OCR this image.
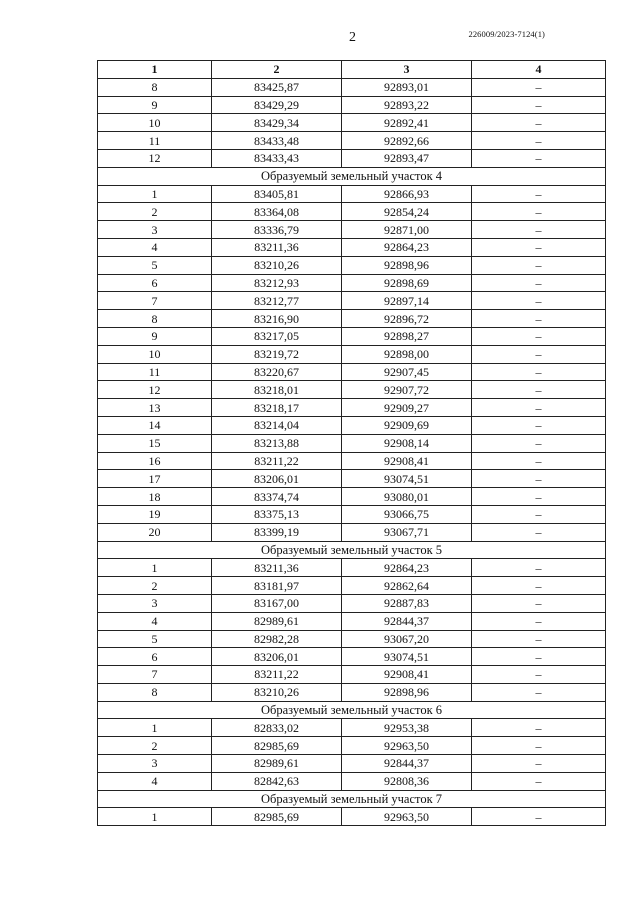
2	226009/2023-7124(1)
1	2	3	4
8	83425,87	92893,01	–
9	83429,29	92893,22	–
10	83429,34	92892,41	–
11	83433,48	92892,66	–
12	83433,43	92893,47	–
Образуемый земельный участок 4			
1	83405,81	92866,93	–
2	83364,08	92854,24	–
3	83336,79	92871,00	–
4	83211,36	92864,23	–
5	83210,26	92898,96	–
6	83212,93	92898,69	–
7	83212,77	92897,14	–
8	83216,90	92896,72	–
9	83217,05	92898,27	–
10	83219,72	92898,00	–
11	83220,67	92907,45	–
12	83218,01	92907,72	–
13	83218,17	92909,27	–
14	83214,04	92909,69	–
15	83213,88	92908,14	–
16	83211,22	92908,41	–
17	83206,01	93074,51	–
18	83374,74	93080,01	–
19	83375,13	93066,75	–
20	83399,19	93067,71	–
Образуемый земельный участок 5			
1	83211,36	92864,23	–
2	83181,97	92862,64	–
3	83167,00	92887,83	–
4	82989,61	92844,37	–
5	82982,28	93067,20	–
6	83206,01	93074,51	–
7	83211,22	92908,41	–
8	83210,26	92898,96	–
Образуемый земельный участок 6			
1	82833,02	92953,38	–
2	82985,69	92963,50	–
3	82989,61	92844,37	–
4	82842,63	92808,36	–
Образуемый земельный участок 7			
1	82985,69	92963,50	–
